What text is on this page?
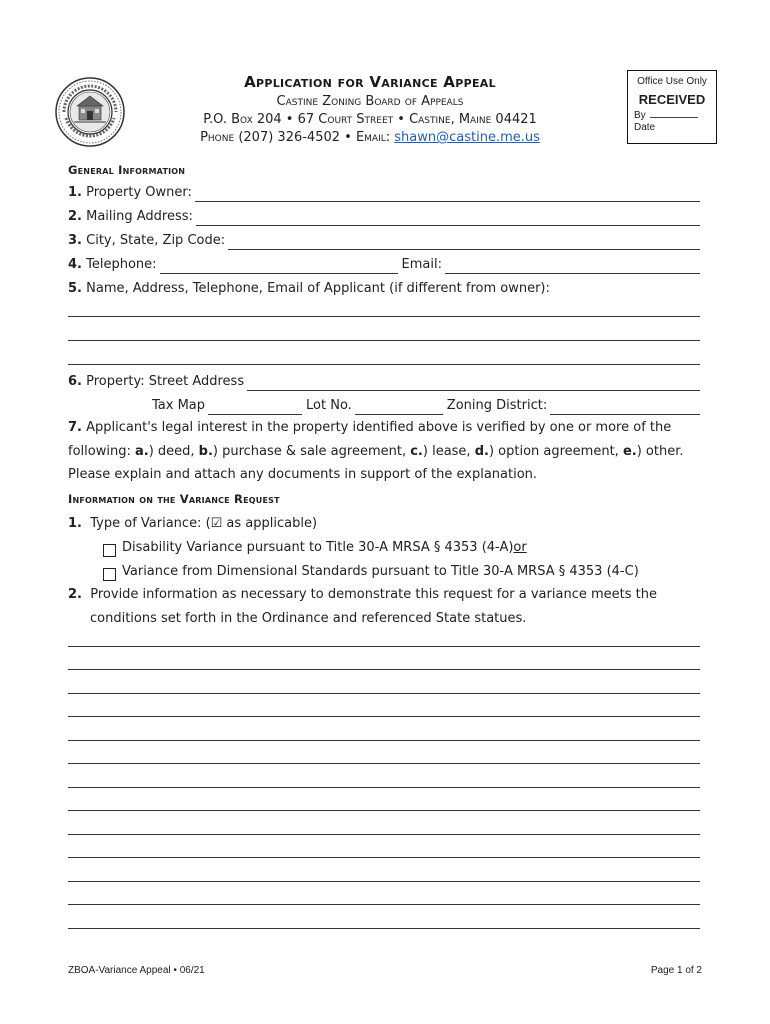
Application for Variance Appeal
Castine Zoning Board of Appeals
P.O. Box 204 • 67 Court Street • Castine, Maine 04421
Phone (207) 326-4502 • Email: shawn@castine.me.us
Office Use Only
RECEIVED
By
Date
General Information
1.
Property Owner:
2.
Mailing Address:
3.
City, State, Zip Code:
4.
Telephone:	Email:
5.
Name, Address, Telephone, Email of Applicant (if different from owner):
6.
Property: Street Address
Tax Map	Lot No.	Zoning District:
7. Applicant's legal interest in the property identified above is verified by one or more of the
following: a.) deed, b.) purchase & sale agreement, c.) lease, d.) option agreement, e.) other.
Please explain and attach any documents in support of the explanation.
Information on the Variance Request
1.
Type of Variance: (☑ as applicable)
Disability Variance pursuant to Title 30-A MRSA § 4353 (4-A) or
Variance from Dimensional Standards pursuant to Title 30-A MRSA § 4353 (4-C)
2. Provide information as necessary to demonstrate this request for a variance meets the
conditions set forth in the Ordinance and referenced State statues.
ZBOA-Variance Appeal • 06/21	Page 1 of 2
